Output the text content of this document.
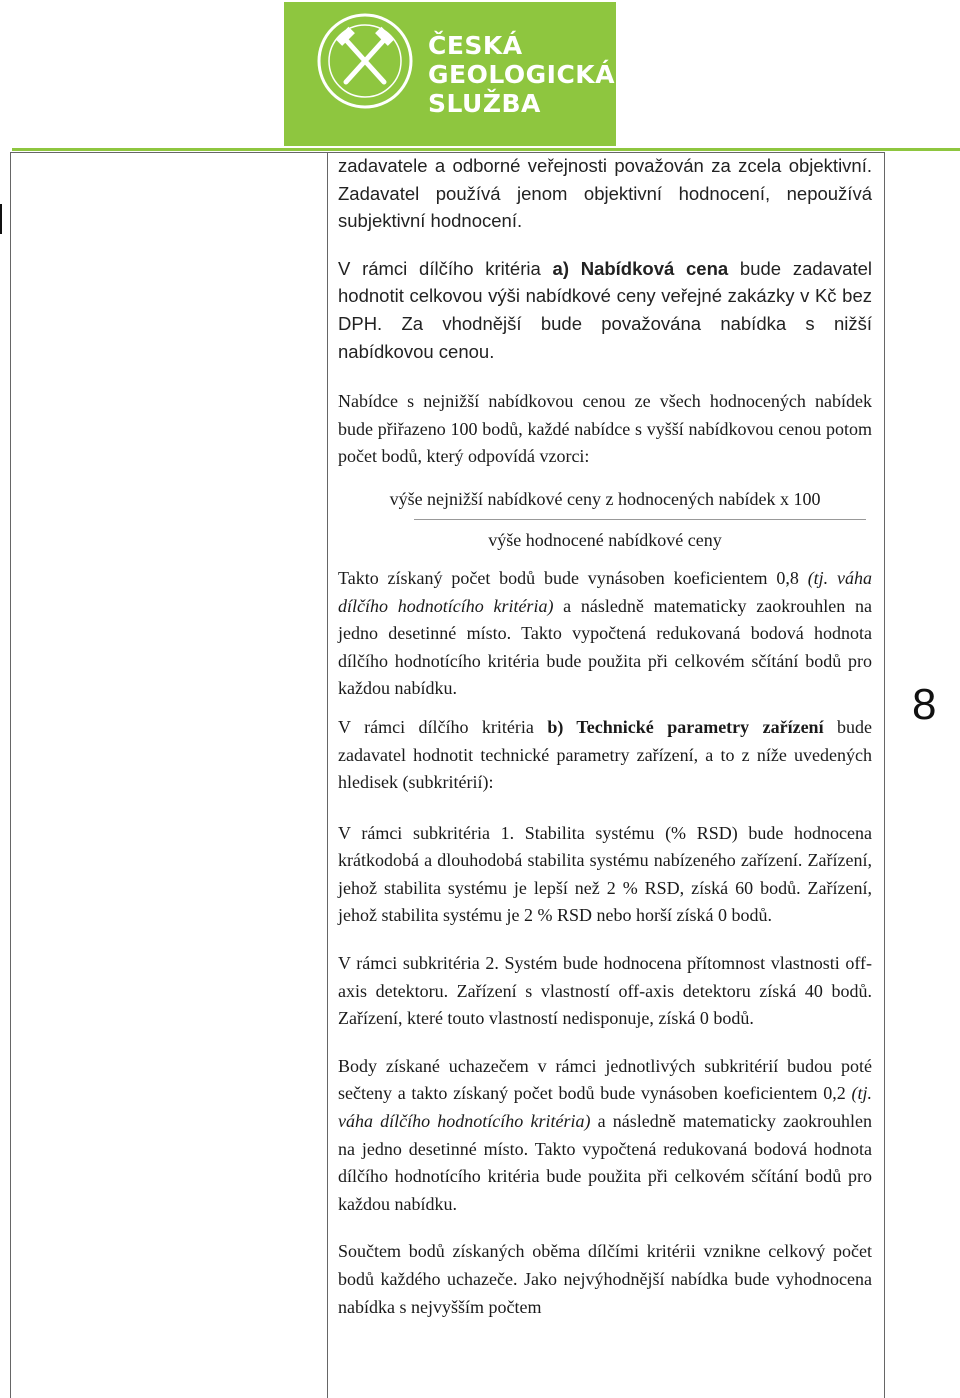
ČESKÁ
GEOLOGICKÁ
SLUŽBA
8

zadavatele a odborné veřejnosti považován za zcela objektivní. Zadavatel používá jenom objektivní hodnocení, nepoužívá subjektivní hodnocení.

V rámci dílčího kritéria a) Nabídková cena bude zadavatel hodnotit celkovou výši nabídkové ceny veřejné zakázky v Kč bez DPH. Za vhodnější bude považována nabídka s nižší nabídkovou cenou.

Nabídce s nejnižší nabídkovou cenou ze všech hodnocených nabídek bude přiřazeno 100 bodů, každé nabídce s vyšší nabídkovou cenou potom počet bodů, který odpovídá vzorci:

výše nejnižší nabídkové ceny z hodnocených nabídek x 100
výše hodnocené nabídkové ceny

Takto získaný počet bodů bude vynásoben koeficientem 0,8 (tj. váha dílčího hodnotícího kritéria) a následně matematicky zaokrouhlen na jedno desetinné místo. Takto vypočtená redukovaná bodová hodnota dílčího hodnotícího kritéria bude použita při celkovém sčítání bodů pro každou nabídku.

V rámci dílčího kritéria b) Technické parametry zařízení bude zadavatel hodnotit technické parametry zařízení, a to z níže uvedených hledisek (subkritérií):

V rámci subkritéria 1. Stabilita systému (% RSD) bude hodnocena krátkodobá a dlouhodobá stabilita systému nabízeného zařízení. Zařízení, jehož stabilita systému je lepší než 2 % RSD, získá 60 bodů. Zařízení, jehož stabilita systému je 2 % RSD nebo horší získá 0 bodů.

V rámci subkritéria 2. Systém bude hodnocena přítomnost vlastnosti off-axis detektoru. Zařízení s vlastností off-axis detektoru získá 40 bodů. Zařízení, které touto vlastností nedisponuje, získá 0 bodů.

Body získané uchazečem v rámci jednotlivých subkritérií budou poté sečteny a takto získaný počet bodů bude vynásoben koeficientem 0,2 (tj. váha dílčího hodnotícího kritéria) a následně matematicky zaokrouhlen na jedno desetinné místo. Takto vypočtená redukovaná bodová hodnota dílčího hodnotícího kritéria bude použita při celkovém sčítání bodů pro každou nabídku.

Součtem bodů získaných oběma dílčími kritérii vznikne celkový počet bodů každého uchazeče. Jako nejvýhodnější nabídka bude vyhodnocena nabídka s nejvyšším počtem
